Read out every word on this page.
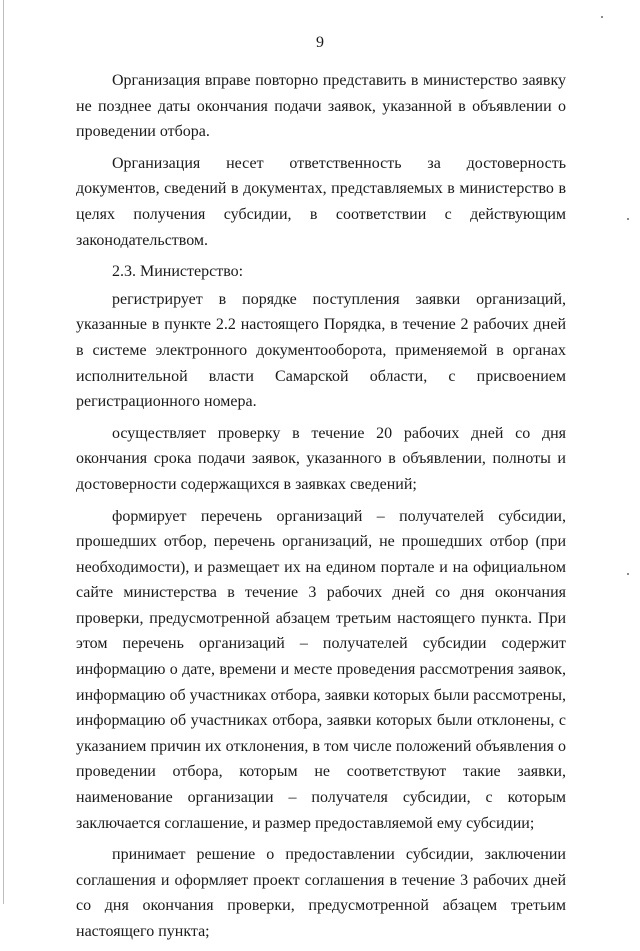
9

Организация вправе повторно представить в министерство заявку не позднее даты окончания подачи заявок, указанной в объявлении о проведении отбора.

Организация несет ответственность за достоверность документов, сведений в документах, представляемых в министерство в целях получения субсидии, в соответствии с действующим законодательством.

2.3. Министерство:

регистрирует в порядке поступления заявки организаций, указанные в пункте 2.2 настоящего Порядка, в течение 2 рабочих дней в системе электронного документооборота, применяемой в органах исполнительной власти Самарской области, с присвоением регистрационного номера.

осуществляет проверку в течение 20 рабочих дней со дня окончания срока подачи заявок, указанного в объявлении, полноты и достоверности содержащихся в заявках сведений;

формирует перечень организаций – получателей субсидии, прошедших отбор, перечень организаций, не прошедших отбор (при необходимости), и размещает их на едином портале и на официальном сайте министерства в течение 3 рабочих дней со дня окончания проверки, предусмотренной абзацем третьим настоящего пункта. При этом перечень организаций – получателей субсидии содержит информацию о дате, времени и месте проведения рассмотрения заявок, информацию об участниках отбора, заявки которых были рассмотрены, информацию об участниках отбора, заявки которых были отклонены, с указанием причин их отклонения, в том числе положений объявления о проведении отбора, которым не соответствуют такие заявки, наименование организации – получателя субсидии, с которым заключается соглашение, и размер предоставляемой ему субсидии;

принимает решение о предоставлении субсидии, заключении соглашения и оформляет проект соглашения в течение 3 рабочих дней со дня окончания проверки, предусмотренной абзацем третьим настоящего пункта;
